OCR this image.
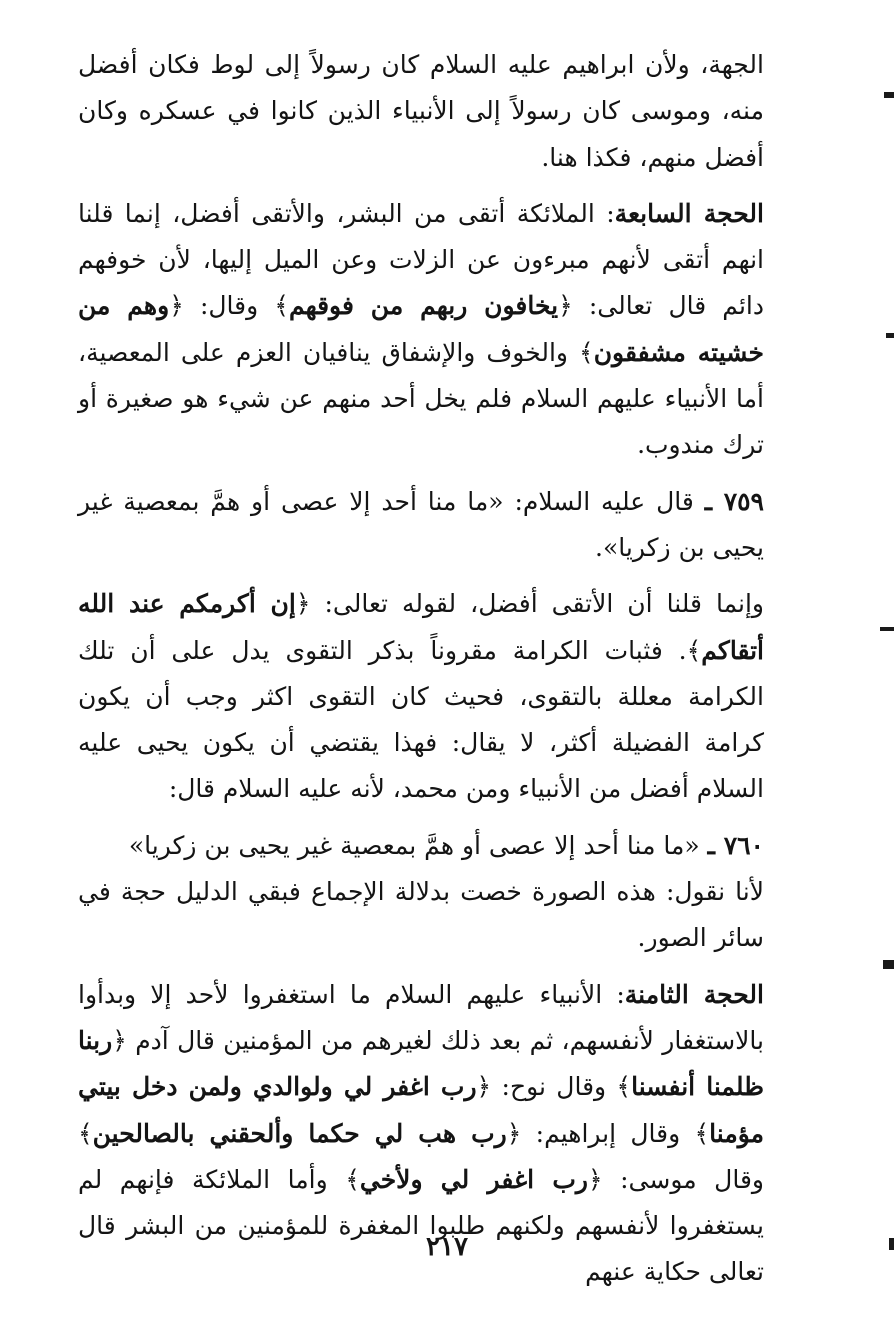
الجهة، ولأن ابراهيم عليه السلام كان رسولاً إلى لوط فكان أفضل منه، وموسى كان رسولاً إلى الأنبياء الذين كانوا في عسكره وكان أفضل منهم، فكذا هنا.

الحجة السابعة: الملائكة أتقى من البشر، والأتقى أفضل، إنما قلنا انهم أتقى لأنهم مبرءون عن الزلات وعن الميل إليها، لأن خوفهم دائم قال تعالى: ﴿يخافون ربهم من فوقهم﴾ وقال: ﴿وهم من خشيته مشفقون﴾ والخوف والإشفاق ينافيان العزم على المعصية، أما الأنبياء عليهم السلام فلم يخل أحد منهم عن شيء هو صغيرة أو ترك مندوب.

٧٥٩ ـ قال عليه السلام: «ما منا أحد إلا عصى أو همَّ بمعصية غير يحيى بن زكريا».

وإنما قلنا أن الأتقى أفضل، لقوله تعالى: ﴿إن أكرمكم عند الله أتقاكم﴾. فثبات الكرامة مقروناً بذكر التقوى يدل على أن تلك الكرامة معللة بالتقوى، فحيث كان التقوى اكثر وجب أن يكون كرامة الفضيلة أكثر، لا يقال: فهذا يقتضي أن يكون يحيى عليه السلام أفضل من الأنبياء ومن محمد، لأنه عليه السلام قال:

٧٦٠ ـ «ما منا أحد إلا عصى أو همَّ بمعصية غير يحيى بن زكريا»

لأنا نقول: هذه الصورة خصت بدلالة الإجماع فبقي الدليل حجة في سائر الصور.

الحجة الثامنة: الأنبياء عليهم السلام ما استغفروا لأحد إلا وبدأوا بالاستغفار لأنفسهم، ثم بعد ذلك لغيرهم من المؤمنين قال آدم ﴿ربنا ظلمنا أنفسنا﴾ وقال نوح: ﴿رب اغفر لي ولوالدي ولمن دخل بيتي مؤمنا﴾ وقال إبراهيم: ﴿رب هب لي حكما وألحقني بالصالحين﴾ وقال موسى: ﴿رب اغفر لي ولأخي﴾ وأما الملائكة فإنهم لم يستغفروا لأنفسهم ولكنهم طلبوا المغفرة للمؤمنين من البشر قال تعالى حكاية عنهم

٢١٧
